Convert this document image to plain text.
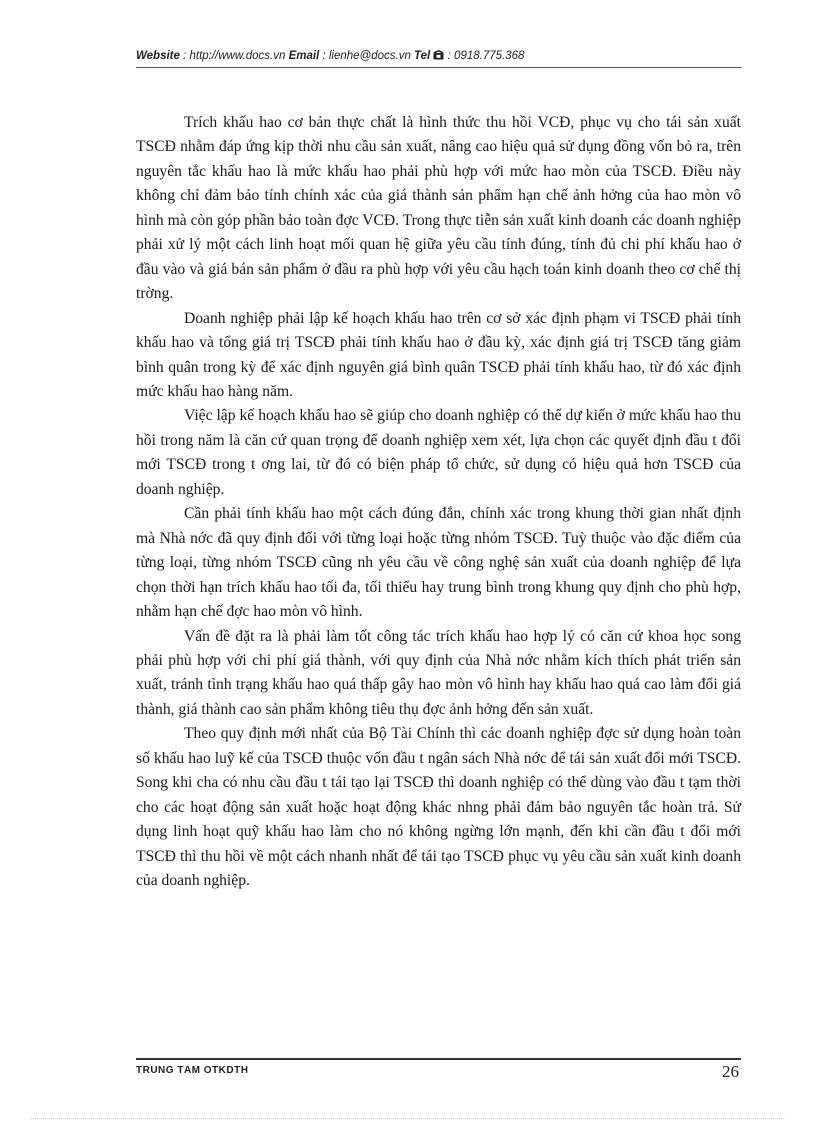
Website : http://www.docs.vn Email : lienhe@docs.vn Tel : 0918.775.368

Trích khấu hao cơ bản thực chất là hình thức thu hồi VCĐ, phục vụ cho tái sản xuất TSCĐ nhằm đáp ứng kịp thời nhu cầu sản xuất, nâng cao hiệu quả sử dụng đồng vốn bỏ ra, trên nguyên tắc khấu hao là mức khấu hao phải phù hợp với mức hao mòn của TSCĐ. Điều này không chỉ đảm bảo tính chính xác của giá thành sản phẩm hạn chế ảnh hởng của hao mòn vô hình mà còn góp phần bảo toàn đợc VCĐ. Trong thực tiễn sản xuất kinh doanh các doanh nghiệp phải xử lý một cách linh hoạt mối quan hệ giữa yêu cầu tính đúng, tính đủ chi phí khấu hao ở đầu vào và giá bán sản phẩm ở đầu ra phù hợp với yêu cầu hạch toán kinh doanh theo cơ chế thị trờng.

Doanh nghiệp phải lập kế hoạch khấu hao trên cơ sở xác định phạm vi TSCĐ phải tính khấu hao và tổng giá trị TSCĐ phải tính khấu hao ở đầu kỳ, xác định giá trị TSCĐ tăng giảm bình quân trong kỳ để xác định nguyên giá bình quân TSCĐ phải tính khấu hao, từ đó xác định mức khấu hao hàng năm.

Việc lập kế hoạch khấu hao sẽ giúp cho doanh nghiệp có thể dự kiến ở mức khấu hao thu hồi trong năm là căn cứ quan trọng để doanh nghiệp xem xét, lựa chọn các quyết định đầu t đổi mới TSCĐ trong t ơng lai, từ đó có biện pháp tổ chức, sử dụng có hiệu quả hơn TSCĐ của doanh nghiệp.

Cần phải tính khấu hao một cách đúng đắn, chính xác trong khung thời gian nhất định mà Nhà nớc đã quy định đối với từng loại hoặc từng nhóm TSCĐ. Tuỳ thuộc vào đặc điểm của từng loại, từng nhóm TSCĐ cũng nh yêu cầu về công nghệ sản xuất của doanh nghiệp để lựa chọn thời hạn trích khấu hao tối đa, tối thiểu hay trung bình trong khung quy định cho phù hợp, nhằm hạn chế đợc hao mòn vô hình.

Vấn đề đặt ra là phải làm tốt công tác trích khấu hao hợp lý có căn cứ khoa học song phải phù hợp với chi phí giá thành, với quy định của Nhà nớc nhằm kích thích phát triển sản xuất, tránh tình trạng khấu hao quá thấp gây hao mòn vô hình hay khấu hao quá cao làm đổi giá thành, giá thành cao sản phẩm không tiêu thụ đợc ảnh hởng đến sản xuất.

Theo quy định mới nhất của Bộ Tài Chính thì các doanh nghiệp đợc sử dụng hoàn toàn số khấu hao luỹ kế của TSCĐ thuộc vốn đầu t ngân sách Nhà nớc để tái sản xuất đổi mới TSCĐ. Song khi cha có nhu cầu đầu t tái tạo lại TSCĐ thì doanh nghiệp có thể dùng vào đầu t tạm thời cho các hoạt động sản xuất hoặc hoạt động khác nhng phải đảm bảo nguyên tắc hoàn trả. Sử dụng linh hoạt quỹ khấu hao làm cho nó không ngừng lớn mạnh, đến khi cần đầu t đổi mới TSCĐ thì thu hồi về một cách nhanh nhất để tái tạo TSCĐ phục vụ yêu cầu sản xuất kinh doanh của doanh nghiệp.

TRUNG TÂM OTKDTH	26
